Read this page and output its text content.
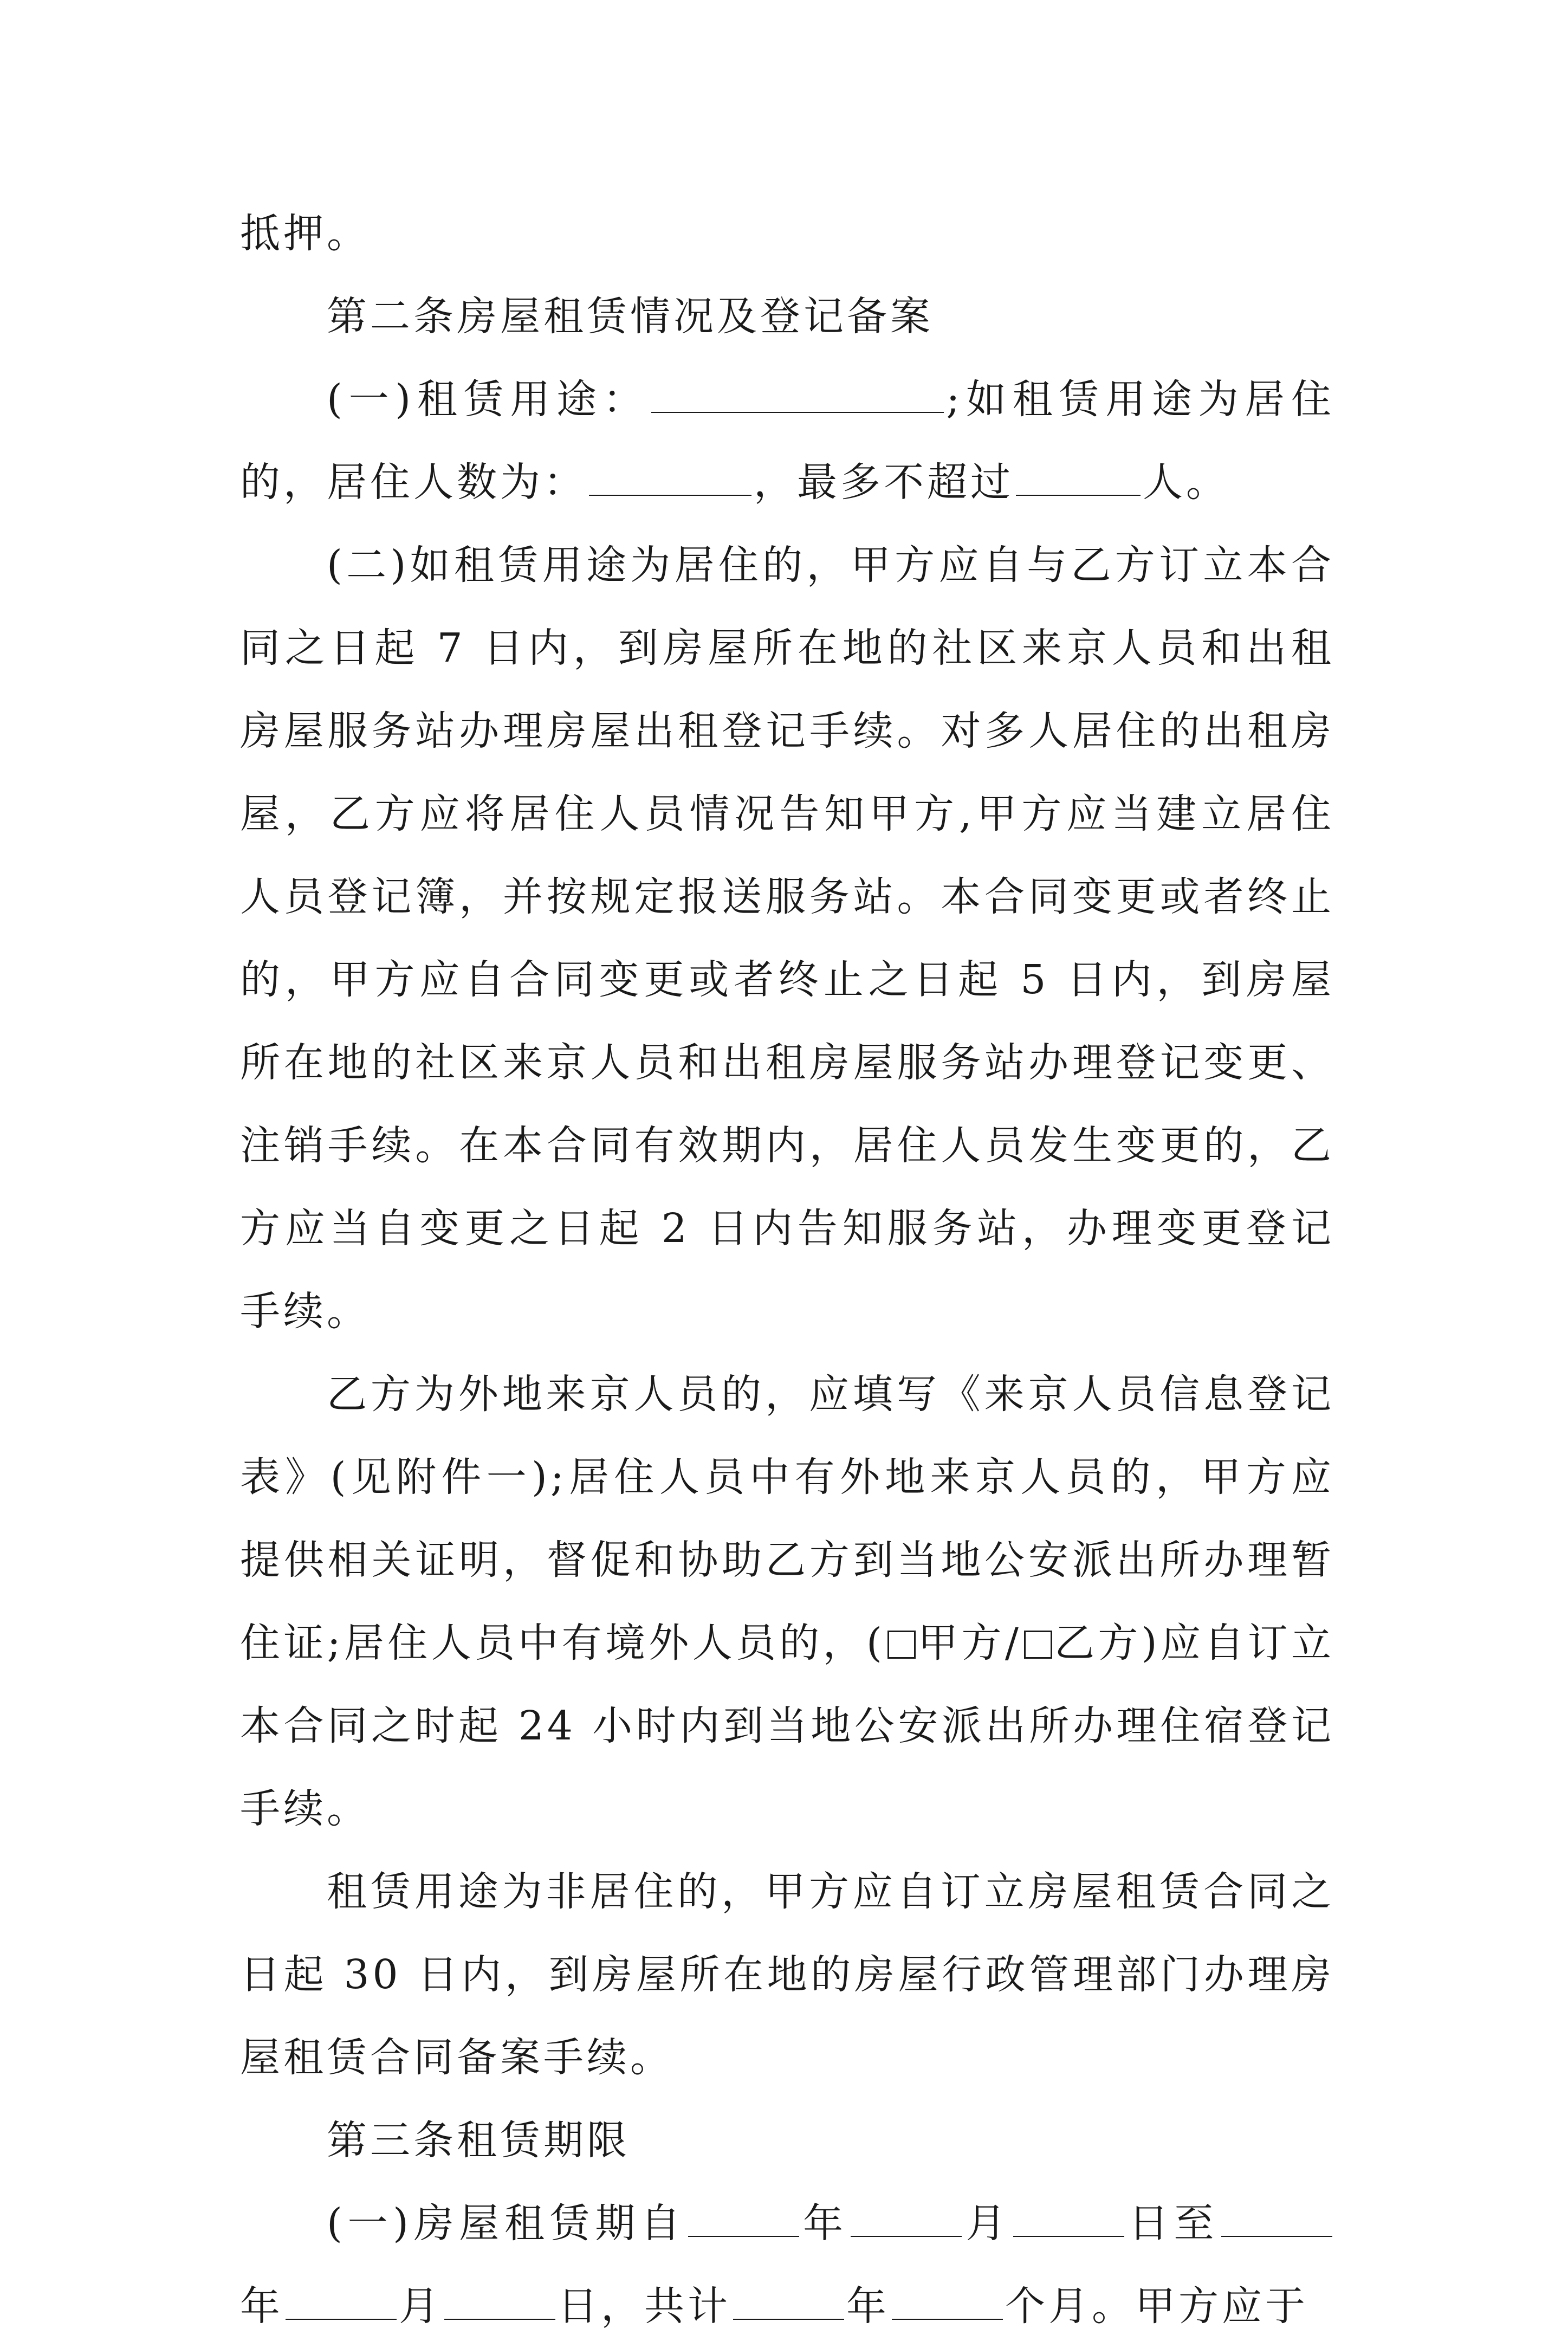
抵押。

第二条房屋租赁情况及登记备案

(一)租赁用途：	;如租赁用途为居住的，居住人数为：	，最多不超过	人。

(二)如租赁用途为居住的，甲方应自与乙方订立本合同之日起 7 日内，到房屋所在地的社区来京人员和出租房屋服务站办理房屋出租登记手续。对多人居住的出租房屋，乙方应将居住人员情况告知甲方,甲方应当建立居住人员登记簿，并按规定报送服务站。本合同变更或者终止的，甲方应自合同变更或者终止之日起 5 日内，到房屋所在地的社区来京人员和出租房屋服务站办理登记变更、注销手续。在本合同有效期内，居住人员发生变更的，乙方应当自变更之日起 2 日内告知服务站，办理变更登记手续。

乙方为外地来京人员的，应填写《来京人员信息登记表》(见附件一);居住人员中有外地来京人员的，甲方应提供相关证明，督促和协助乙方到当地公安派出所办理暂住证;居住人员中有境外人员的，( 甲方/ 乙方)应自订立本合同之时起 24 小时内到当地公安派出所办理住宿登记手续。

租赁用途为非居住的，甲方应自订立房屋租赁合同之日起 30 日内，到房屋所在地的房屋行政管理部门办理房屋租赁合同备案手续。

第三条租赁期限

(一)房屋租赁期自	年	月	日至年	月	日，共计	年	个月。甲方应于
